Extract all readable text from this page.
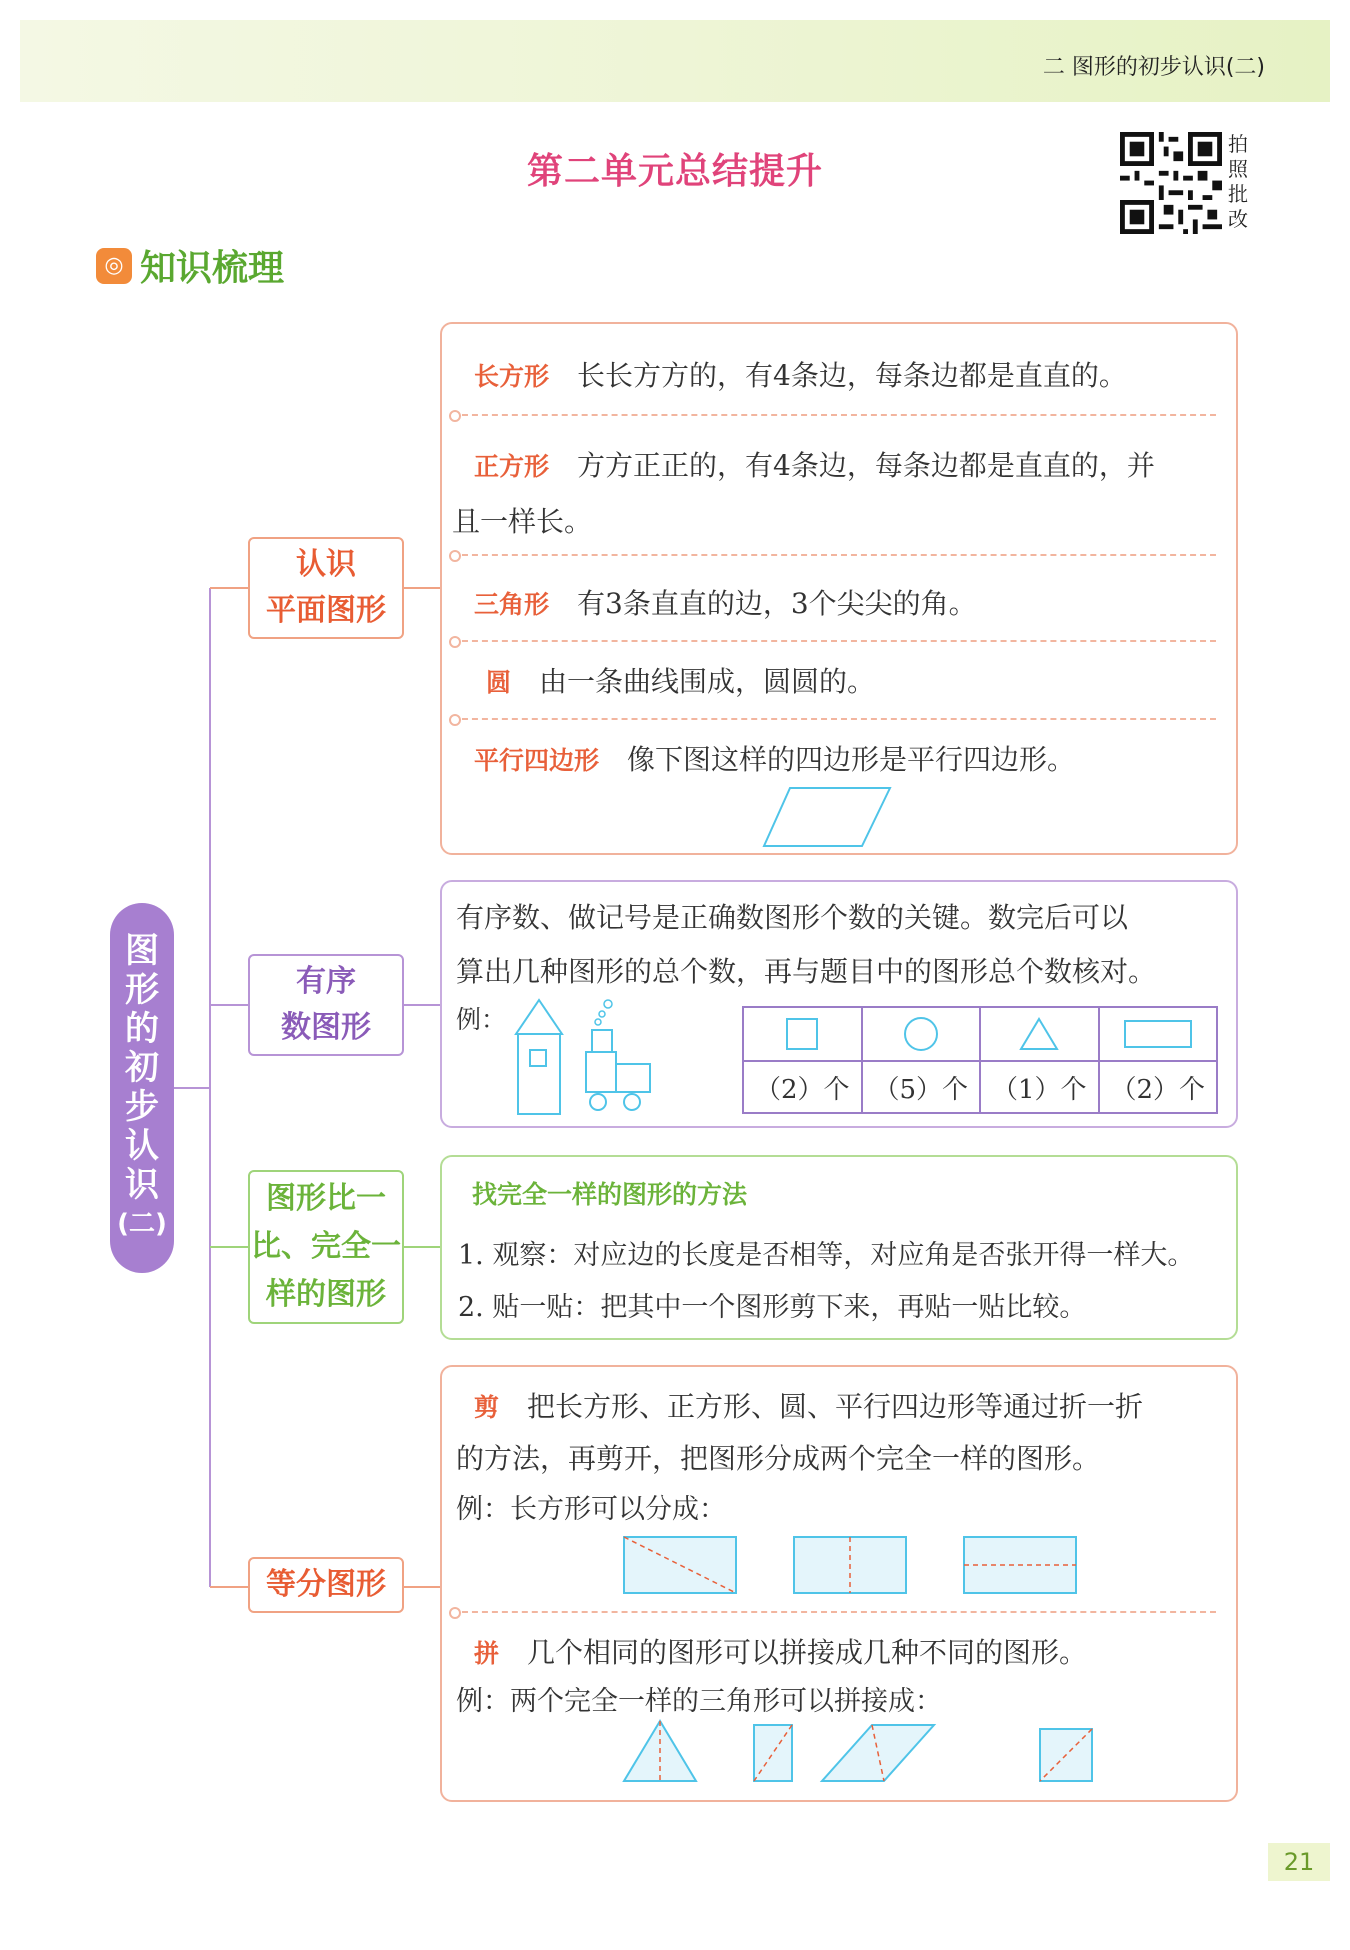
二 图形的初步认识(二)
第二单元总结提升
拍
照
批
改
◎ 知识梳理
图
形
的
初
步
认
识
(二)
认识
平面图形
有序
数图形
图形比一
比、完全一
样的图形
等分图形
长方形 长长方方的，有4条边，每条边都是直直的。
正方形 方方正正的，有4条边，每条边都是直直的，并
且一样长。
三角形 有3条直直的边，3个尖尖的角。
圆 由一条曲线围成，圆圆的。
平行四边形 像下图这样的四边形是平行四边形。
有序数、做记号是正确数图形个数的关键。数完后可以
算出几种图形的总个数，再与题目中的图形总个数核对。
例：
（2）个 （5）个 （1）个 （2）个
找完全一样的图形的方法
1. 观察：对应边的长度是否相等，对应角是否张开得一样大。
2. 贴一贴：把其中一个图形剪下来，再贴一贴比较。
剪 把长方形、正方形、圆、平行四边形等通过折一折
的方法，再剪开，把图形分成两个完全一样的图形。
例：长方形可以分成：
拼 几个相同的图形可以拼接成几种不同的图形。
例：两个完全一样的三角形可以拼接成：
21
